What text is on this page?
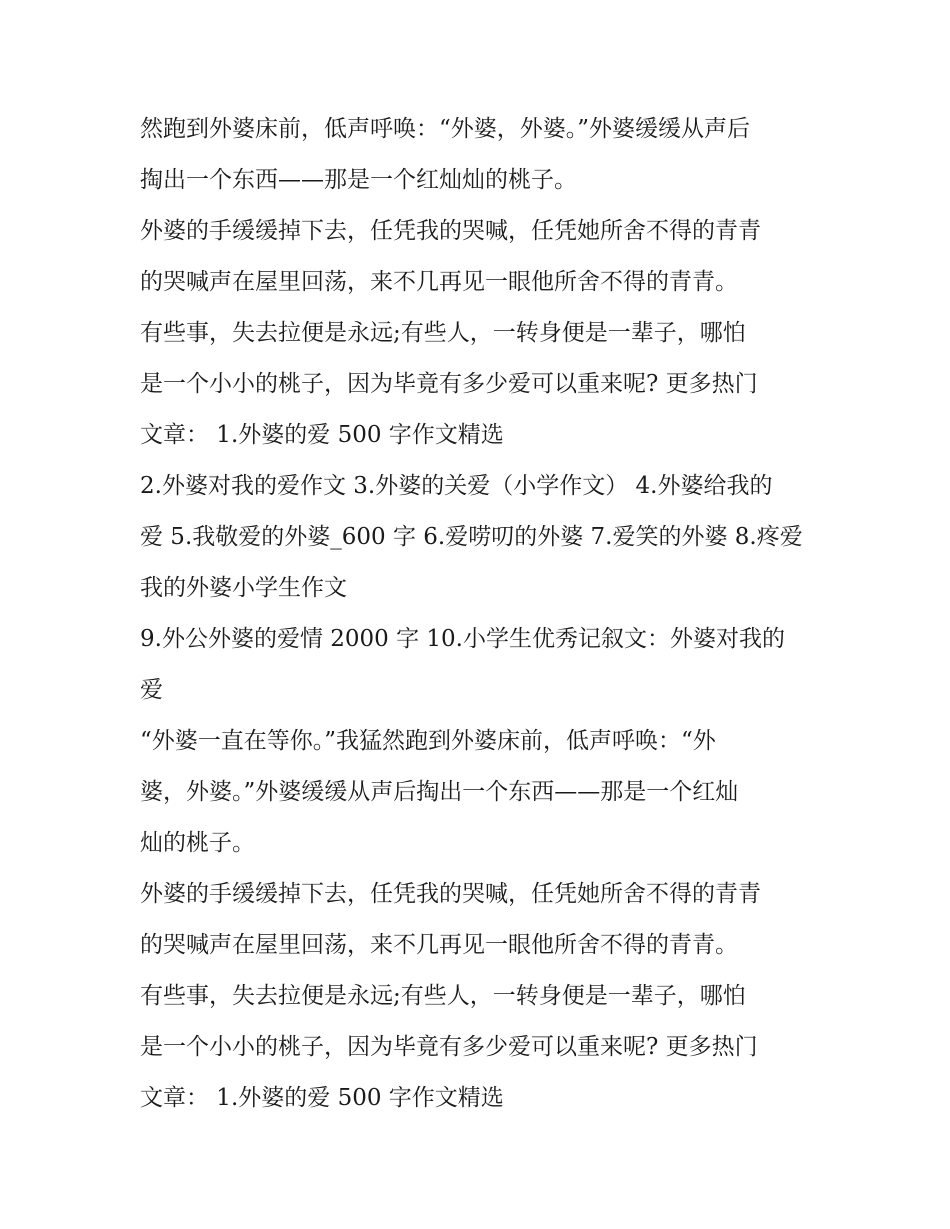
然跑到外婆床前，低声呼唤：“外婆，外婆。”外婆缓缓从声后
掏出一个东西——那是一个红灿灿的桃子。
外婆的手缓缓掉下去，任凭我的哭喊，任凭她所舍不得的青青
的哭喊声在屋里回荡，来不几再见一眼他所舍不得的青青。
有些事，失去拉便是永远;有些人，一转身便是一辈子，哪怕
是一个小小的桃子，因为毕竟有多少爱可以重来呢? 更多热门
文章： 1.外婆的爱 500 字作文精选
2.外婆对我的爱作文 3.外婆的关爱（小学作文） 4.外婆给我的
爱 5.我敬爱的外婆_600 字 6.爱唠叨的外婆 7.爱笑的外婆 8.疼爱
我的外婆小学生作文
9.外公外婆的爱情 2000 字 10.小学生优秀记叙文：外婆对我的
爱
“外婆一直在等你。”我猛然跑到外婆床前，低声呼唤：“外
婆，外婆。”外婆缓缓从声后掏出一个东西——那是一个红灿
灿的桃子。
外婆的手缓缓掉下去，任凭我的哭喊，任凭她所舍不得的青青
的哭喊声在屋里回荡，来不几再见一眼他所舍不得的青青。
有些事，失去拉便是永远;有些人，一转身便是一辈子，哪怕
是一个小小的桃子，因为毕竟有多少爱可以重来呢? 更多热门
文章： 1.外婆的爱 500 字作文精选
